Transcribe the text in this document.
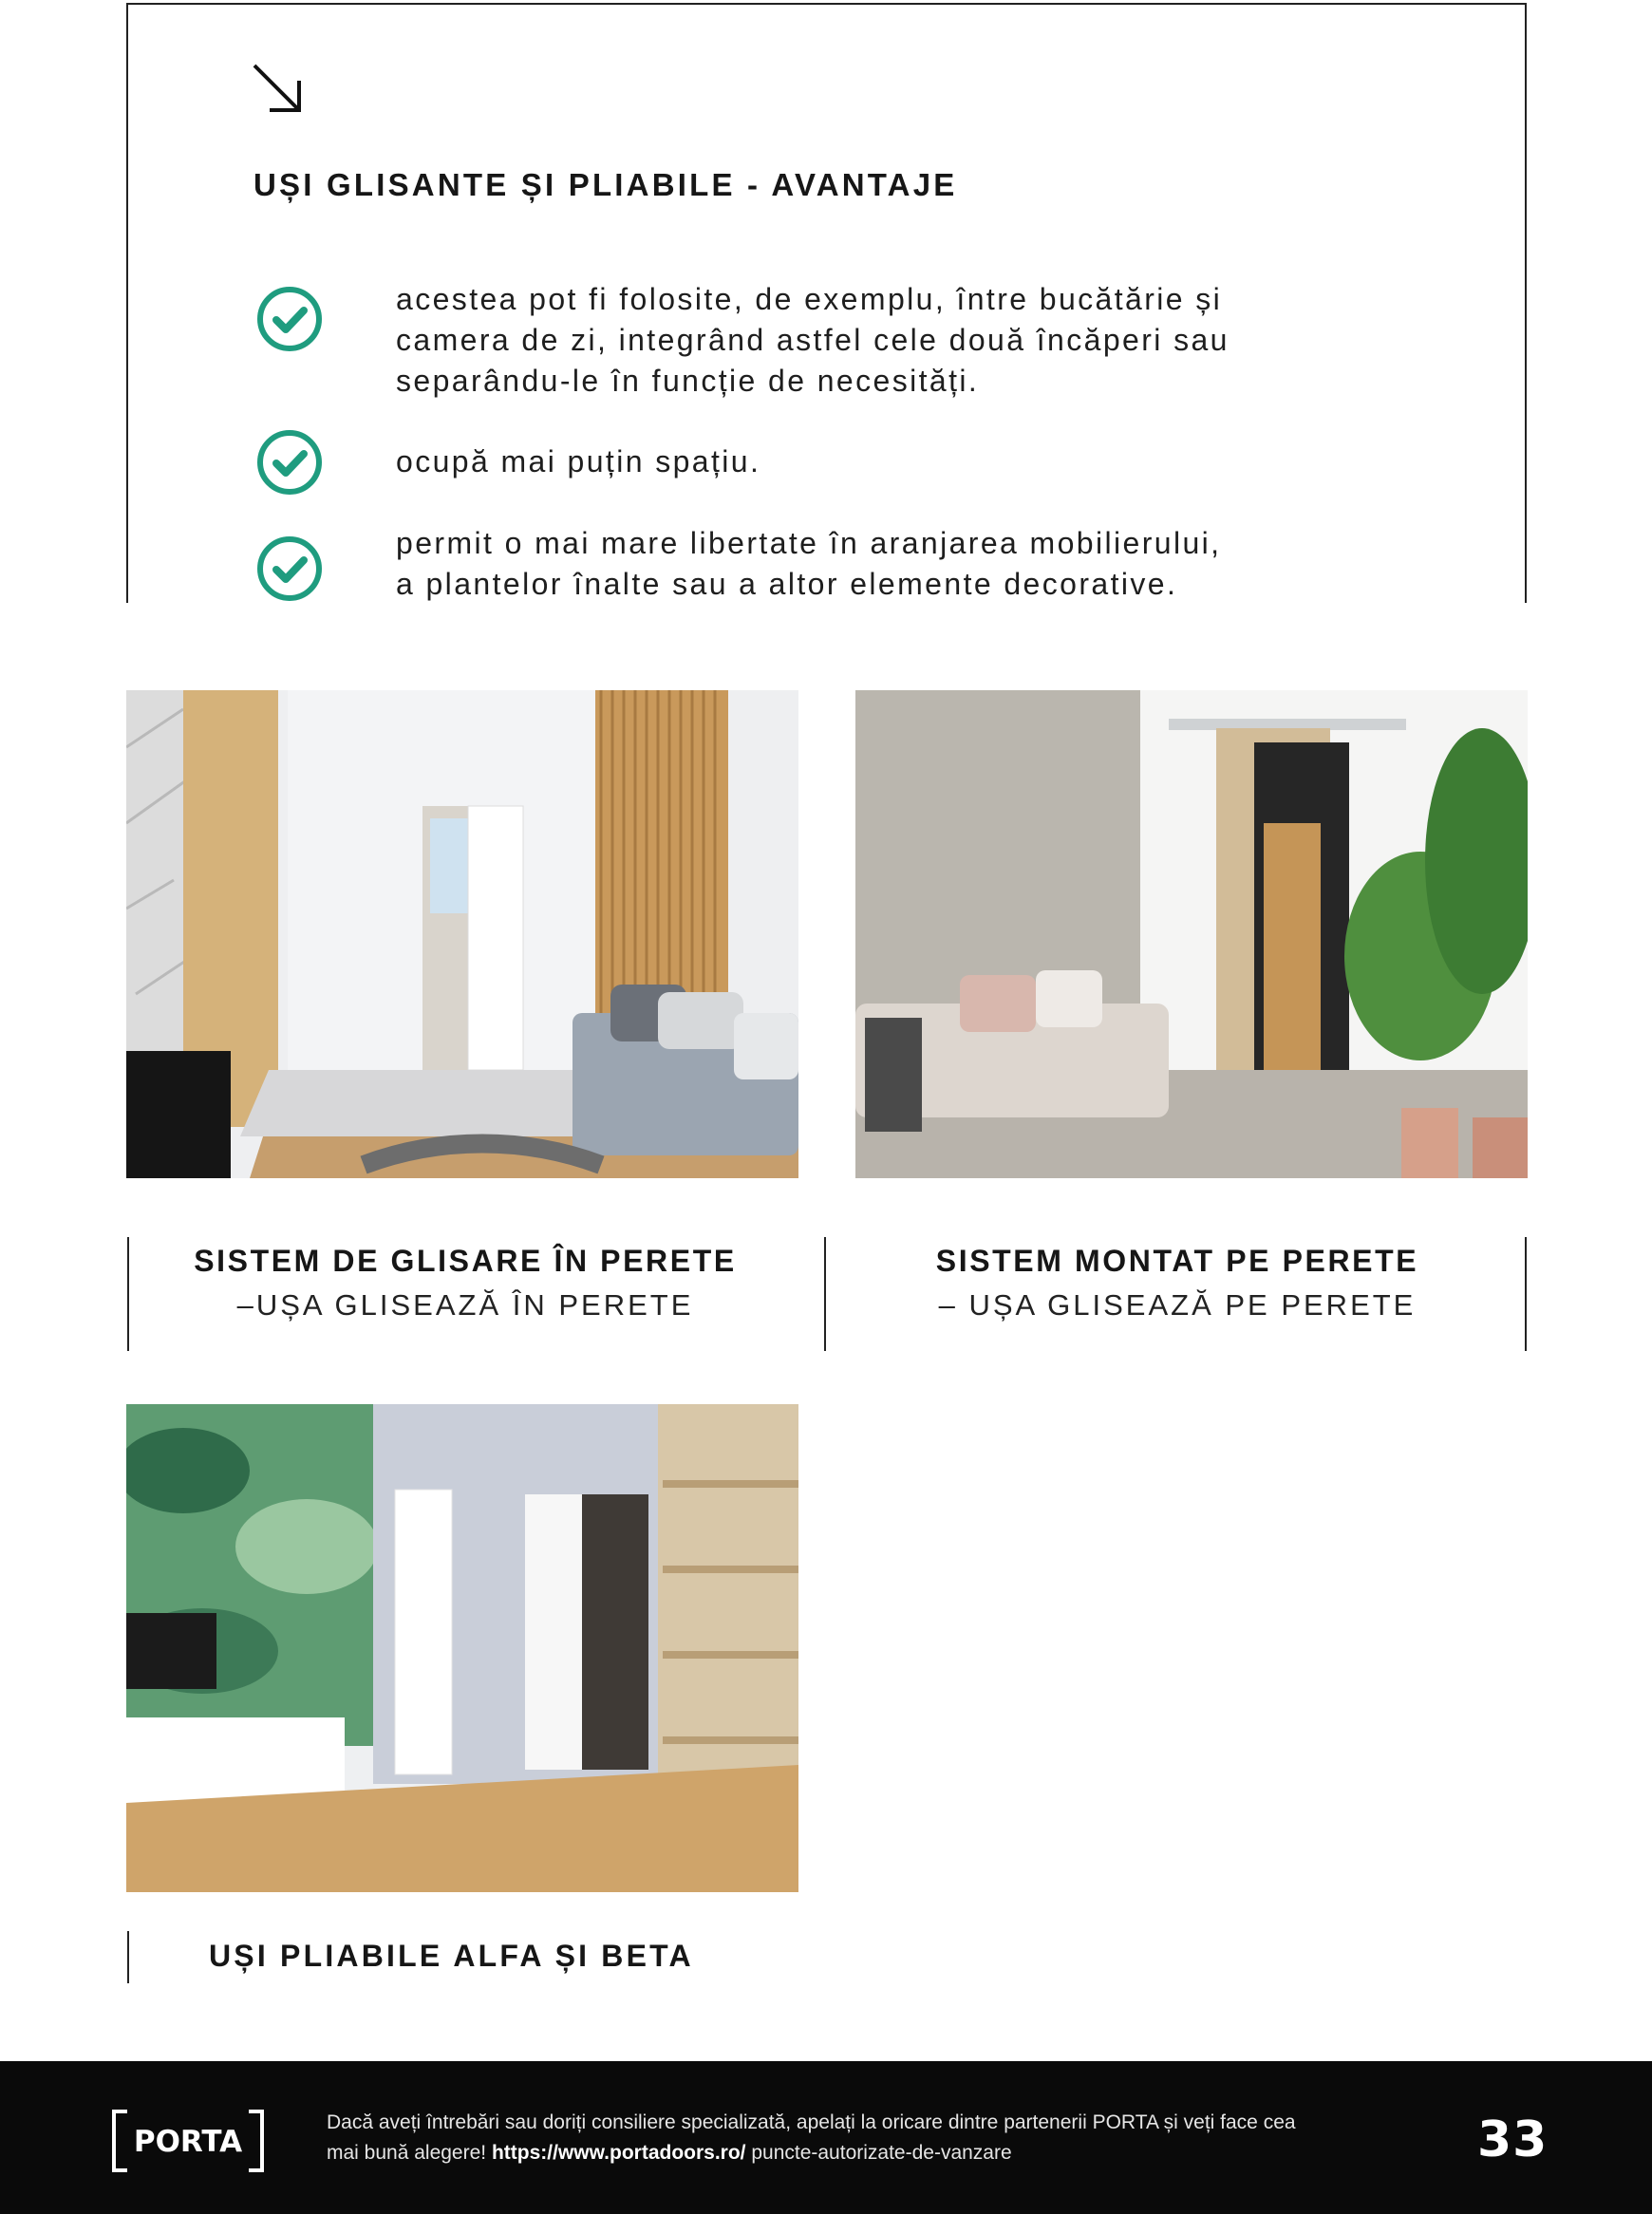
UȘI GLISANTE ȘI PLIABILE - AVANTAJE
acestea pot fi folosite, de exemplu, între bucătărie și
camera de zi, integrând astfel cele două încăperi sau
separându-le în funcție de necesități.
ocupă mai puțin spațiu.
permit o mai mare libertate în aranjarea mobilierului,
a plantelor înalte sau a altor elemente decorative.
SISTEM DE GLISARE ÎN PERETE
–UȘA GLISEAZĂ ÎN PERETE
SISTEM MONTAT PE PERETE
– UȘA GLISEAZĂ PE PERETE
UȘI PLIABILE ALFA ȘI BETA
PORTA
Dacă aveți întrebări sau doriți consiliere specializată, apelați la oricare dintre partenerii PORTA și veți face cea
mai bună alegere! https://www.portadoors.ro/ puncte-autorizate-de-vanzare	33
